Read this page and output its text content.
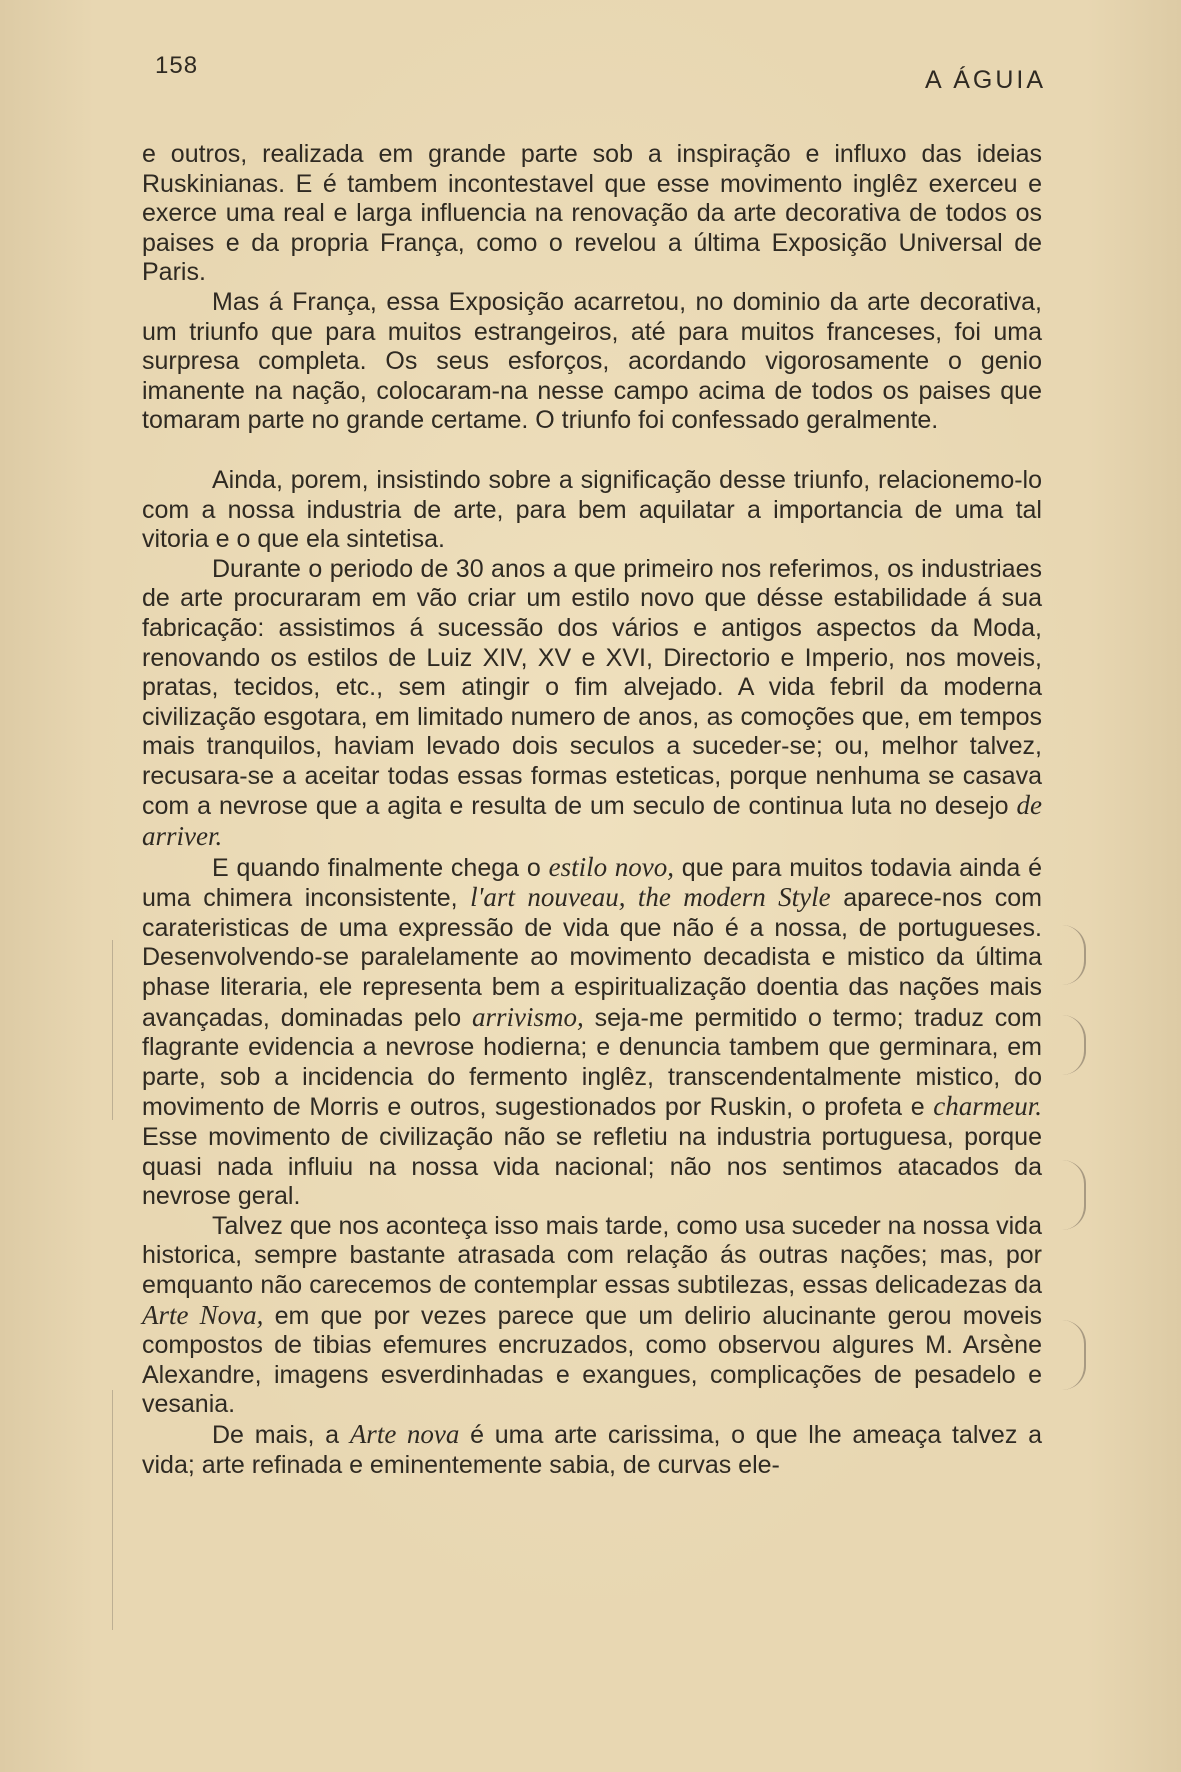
158
A ÁGUIA

e outros, realizada em grande parte sob a inspiração e influxo das ideias Ruskinianas. E é tambem incontestavel que esse movimento inglêz exerceu e exerce uma real e larga influencia na renovação da arte decorativa de todos os paises e da propria França, como o revelou a última Exposição Universal de Paris.

Mas á França, essa Exposição acarretou, no dominio da arte decorativa, um triunfo que para muitos estrangeiros, até para muitos franceses, foi uma surpresa completa. Os seus esforços, acordando vigorosamente o genio imanente na nação, colocaram-na nesse campo acima de todos os paises que tomaram parte no grande certame. O triunfo foi confessado geralmente.

Ainda, porem, insistindo sobre a significação desse triunfo, relacionemo-lo com a nossa industria de arte, para bem aquilatar a importancia de uma tal vitoria e o que ela sintetisa.

Durante o periodo de 30 anos a que primeiro nos referimos, os industriaes de arte procuraram em vão criar um estilo novo que désse estabilidade á sua fabricação: assistimos á sucessão dos vários e antigos aspectos da Moda, renovando os estilos de Luiz XIV, XV e XVI, Directorio e Imperio, nos moveis, pratas, tecidos, etc., sem atingir o fim alvejado. A vida febril da moderna civilização esgotara, em limitado numero de anos, as comoções que, em tempos mais tranquilos, haviam levado dois seculos a suceder-se; ou, melhor talvez, recusara-se a aceitar todas essas formas esteticas, porque nenhuma se casava com a nevrose que a agita e resulta de um seculo de continua luta no desejo de arriver.

E quando finalmente chega o estilo novo, que para muitos todavia ainda é uma chimera inconsistente, l'art nouveau, the modern Style aparece-nos com carateristicas de uma expressão de vida que não é a nossa, de portugueses. Desenvolvendo-se paralelamente ao movimento decadista e mistico da última phase literaria, ele representa bem a espiritualização doentia das nações mais avançadas, dominadas pelo arrivismo, seja-me permitido o termo; traduz com flagrante evidencia a nevrose hodierna; e denuncia tambem que germinara, em parte, sob a incidencia do fermento inglêz, transcendentalmente mistico, do movimento de Morris e outros, sugestionados por Ruskin, o profeta e charmeur. Esse movimento de civilização não se refletiu na industria portuguesa, porque quasi nada influiu na nossa vida nacional; não nos sentimos atacados da nevrose geral.

Talvez que nos aconteça isso mais tarde, como usa suceder na nossa vida historica, sempre bastante atrasada com relação ás outras nações; mas, por emquanto não carecemos de contemplar essas subtilezas, essas delicadezas da Arte Nova, em que por vezes parece que um delirio alucinante gerou moveis compostos de tibias efemures encruzados, como observou algures M. Arsène Alexandre, imagens esverdinhadas e exangues, complicações de pesadelo e vesania.

De mais, a Arte nova é uma arte carissima, o que lhe ameaça talvez a vida; arte refinada e eminentemente sabia, de curvas ele-
